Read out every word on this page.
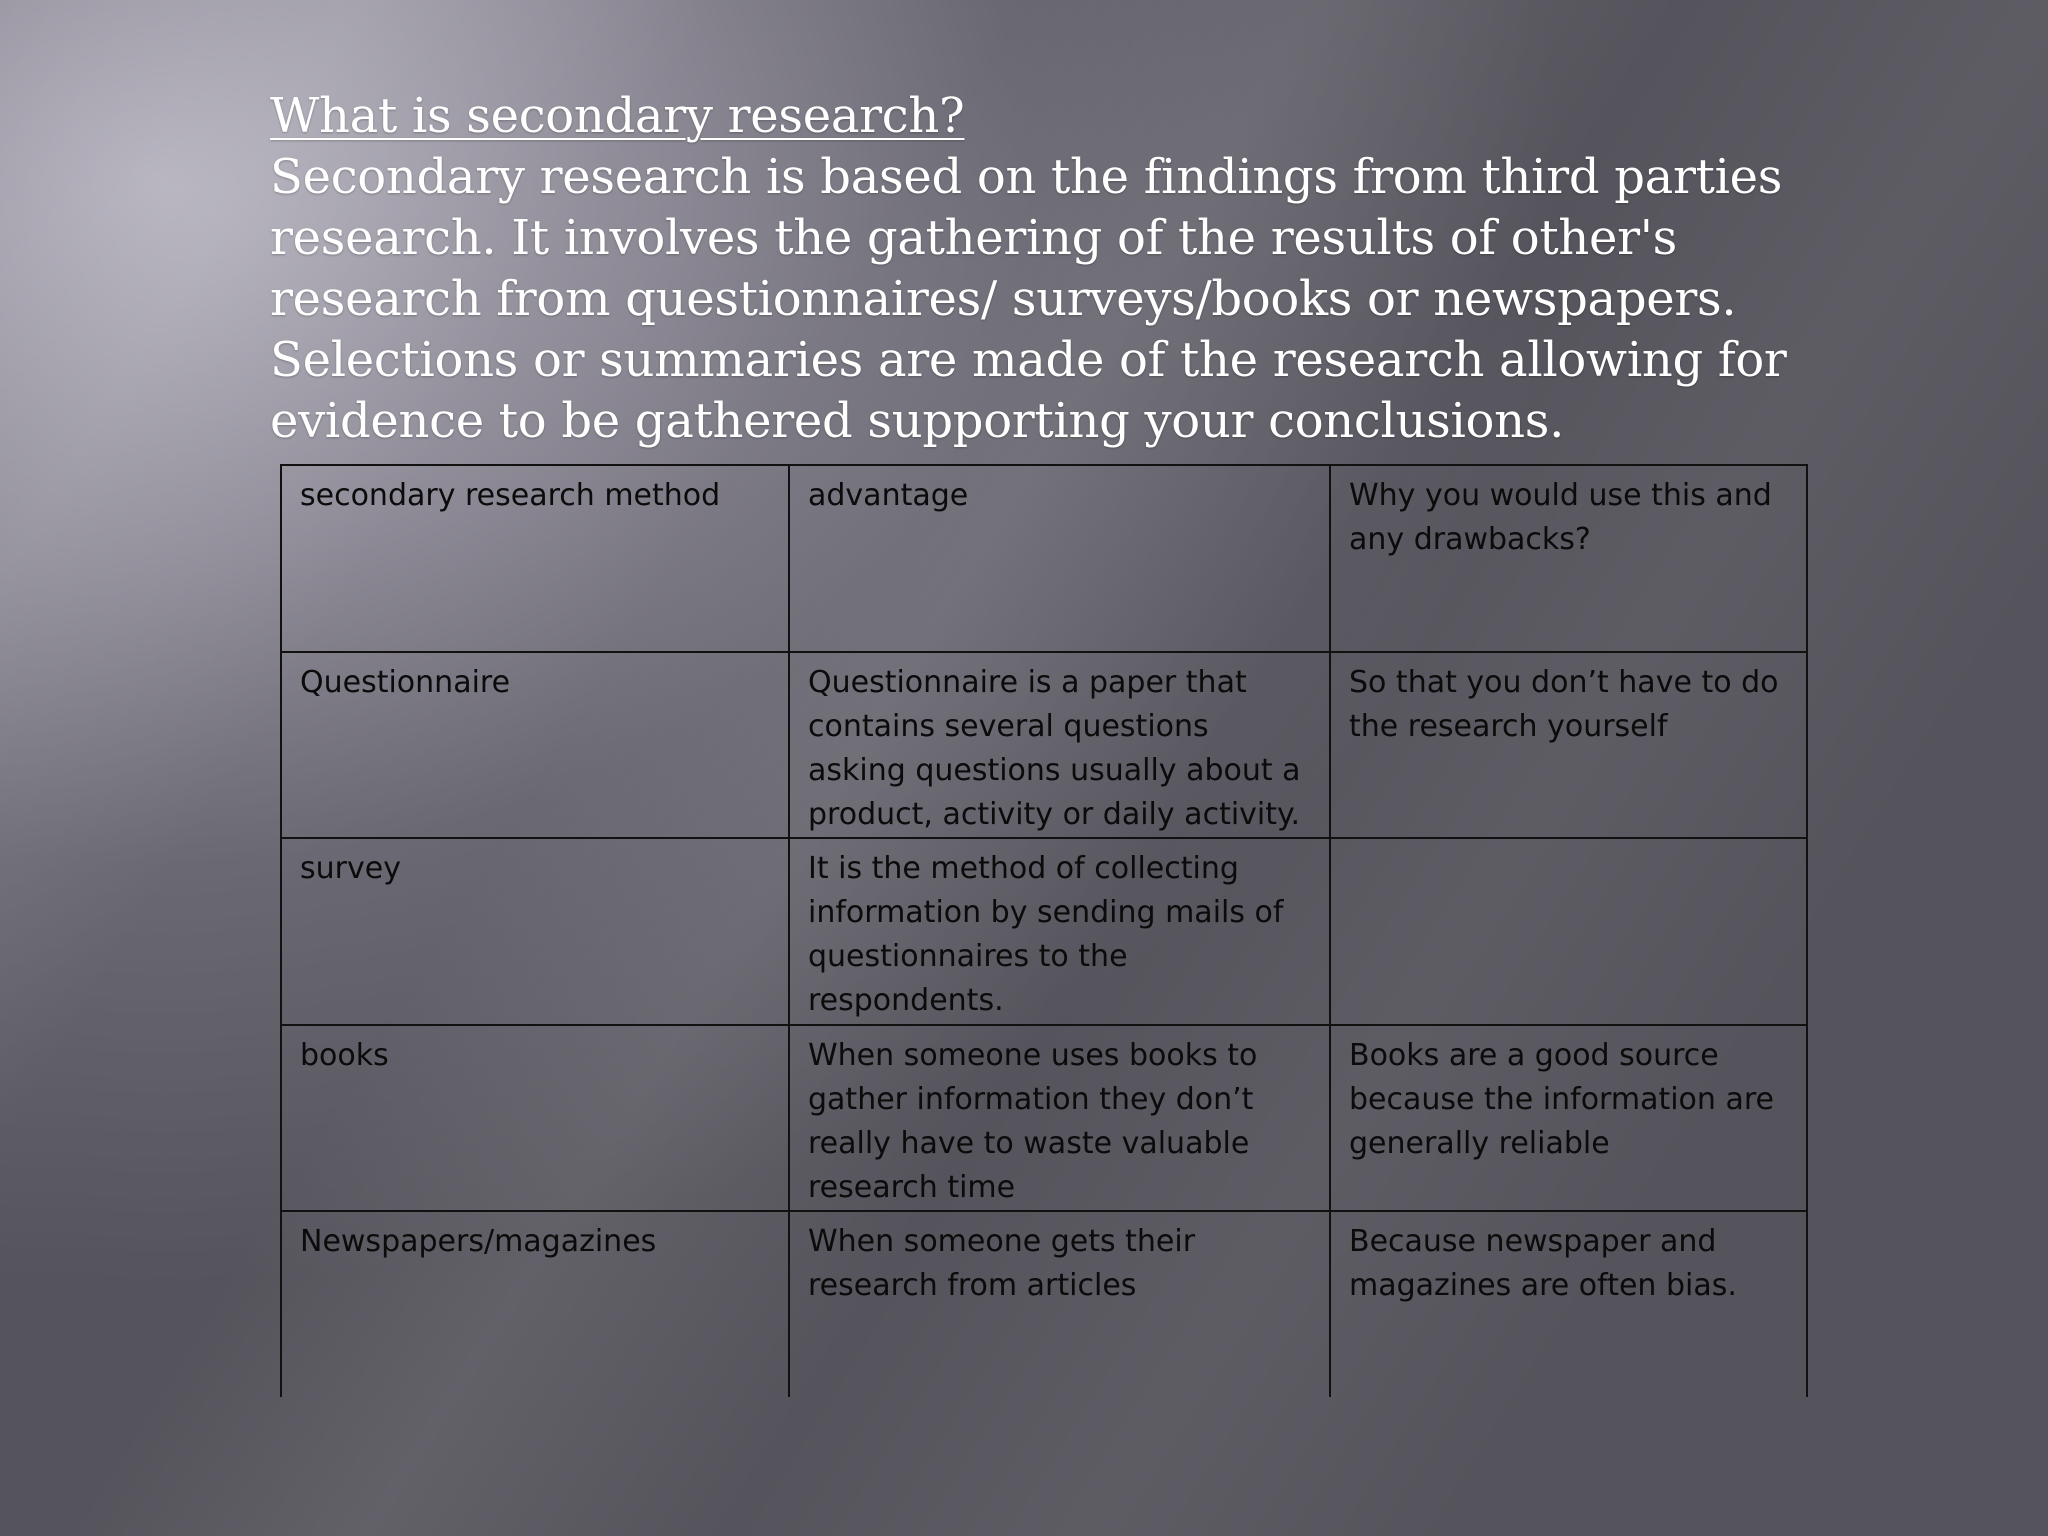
What is secondary research?
Secondary research is based on the findings from third parties research. It involves the gathering of the results of other's research from questionnaires/ surveys/books or newspapers. Selections or summaries are made of the research allowing for evidence to be gathered supporting your conclusions.
secondary research method	advantage	Why you would use this and any drawbacks?
Questionnaire	Questionnaire is a paper that contains several questions asking questions usually about a product, activity or daily activity.	So that you don’t have to do the research yourself
survey	It is the method of collecting information by sending mails of questionnaires to the respondents.	
books	When someone uses books to gather information they don’t really have to waste valuable research time	Books are a good source because the information are generally reliable
Newspapers/magazines	When someone gets their research from articles	Because newspaper and magazines are often bias.
